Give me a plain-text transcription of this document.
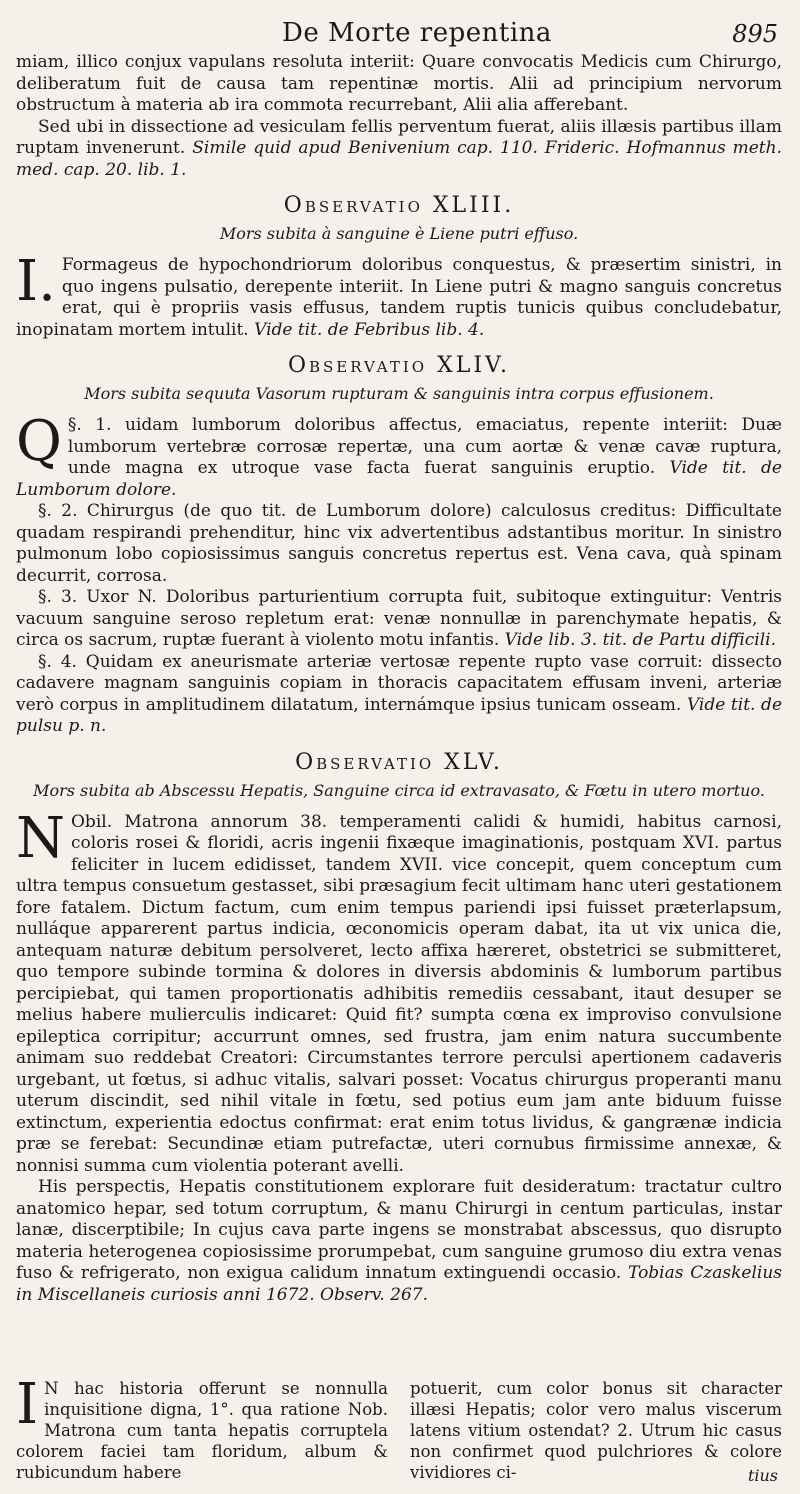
De Morte repentina	895

miam, illico conjux vapulans resoluta interiit: Quare convocatis Medicis cum Chirurgo, deliberatum fuit de causa tam repentinæ mortis. Alii ad principium nervorum obstructum à materia ab ira commota recurrebant, Alii alia afferebant.

Sed ubi in dissectione ad vesiculam fellis perventum fuerat, aliis illæsis partibus illam ruptam invenerunt. Simile quid apud Benivenium cap. 110. Frideric. Hofmannus meth. med. cap. 20. lib. 1.

Observatio XLIII.
Mors subita à sanguine è Liene putri effuso.

I. Formageus de hypochondriorum doloribus conquestus, & præsertim sinistri, in quo ingens pulsatio, derepente interiit. In Liene putri & magno sanguis concretus erat, qui è propriis vasis effusus, tandem ruptis tunicis quibus concludebatur, inopinatam mortem intulit. Vide tit. de Febribus lib. 4.

Observatio XLIV.
Mors subita sequuta Vasorum rupturam & sanguinis intra corpus effusionem.

§. 1.
Q	uidam lumborum doloribus affectus, emaciatus, repente interiit: Duæ lumborum vertebræ corrosæ repertæ, una cum aortæ & venæ cavæ ruptura, unde magna ex utroque vase facta fuerat sanguinis eruptio. Vide tit. de Lumborum dolore.

§. 2. Chirurgus (de quo tit. de Lumborum dolore) calculosus creditus: Difficultate quadam respirandi prehenditur, hinc vix advertentibus adstantibus moritur. In sinistro pulmonum lobo copiosissimus sanguis concretus repertus est. Vena cava, quà spinam decurrit, corrosa.

§. 3. Uxor N. Doloribus parturientium corrupta fuit, subitoque extinguitur: Ventris vacuum sanguine seroso repletum erat: venæ nonnullæ in parenchymate hepatis, & circa os sacrum, ruptæ fuerant à violento motu infantis. Vide lib. 3. tit. de Partu difficili.

§. 4. Quidam ex aneurismate arteriæ vertosæ repente rupto vase corruit: dissecto cadavere magnam sanguinis copiam in thoracis capacitatem effusam inveni, arteriæ verò corpus in amplitudinem dilatatum, internámque ipsius tunicam osseam. Vide tit. de pulsu p. n.

Observatio XLV.
Mors subita ab Abscessu Hepatis, Sanguine circa id extravasato, & Fœtu in utero mortuo.

N Obil. Matrona annorum 38. temperamenti calidi & humidi, habitus carnosi, coloris rosei & floridi, acris ingenii fixæque imaginationis, postquam XVI. partus feliciter in lucem edidisset, tandem XVII. vice concepit, quem conceptum cum ultra tempus consuetum gestasset, sibi præsagium fecit ultimam hanc uteri gestationem fore fatalem. Dictum factum, cum enim tempus pariendi ipsi fuisset præterlapsum, nulláque apparerent partus indicia, œconomicis operam dabat, ita ut vix unica die, antequam naturæ debitum persolveret, lecto affixa hæreret, obstetrici se submitteret, quo tempore subinde tormina & dolores in diversis abdominis & lumborum partibus percipiebat, qui tamen proportionatis adhibitis remediis cessabant, itaut desuper se melius habere mulierculis indicaret: Quid fit? sumpta cœna ex improviso convulsione epileptica corripitur; accurrunt omnes, sed frustra, jam enim natura succumbente animam suo reddebat Creatori: Circumstantes terrore perculsi apertionem cadaveris urgebant, ut fœtus, si adhuc vitalis, salvari posset: Vocatus chirurgus properanti manu uterum discindit, sed nihil vitale in fœtu, sed potius eum jam ante biduum fuisse extinctum, experientia edoctus confirmat: erat enim totus lividus, & gangrænæ indicia præ se ferebat: Secundinæ etiam putrefactæ, uteri cornubus firmissime annexæ, & nonnisi summa cum violentia poterant avelli.

His perspectis, Hepatis constitutionem explorare fuit desideratum: tractatur cultro anatomico hepar, sed totum corruptum, & manu Chirurgi in centum particulas, instar lanæ, discerptibile; In cujus cava parte ingens se monstrabat abscessus, quo disrupto materia heterogenea copiosissime prorumpebat, cum sanguine grumoso diu extra venas fuso & refrigerato, non exigua calidum innatum extinguendi occasio. Tobias Czaskelius in Miscellaneis curiosis anni 1672. Observ. 267.

I N hac historia offerunt se nonnulla inquisitione digna, 1°. qua ratione Nob. Matrona cum tanta hepatis corruptela colorem faciei tam floridum, album & rubicundum habere

potuerit, cum color bonus sit character illæsi Hepatis; color vero malus viscerum latens vitium ostendat? 2. Utrum hic casus non confirmet quod pulchriores & colore vividiores ci-	tius
